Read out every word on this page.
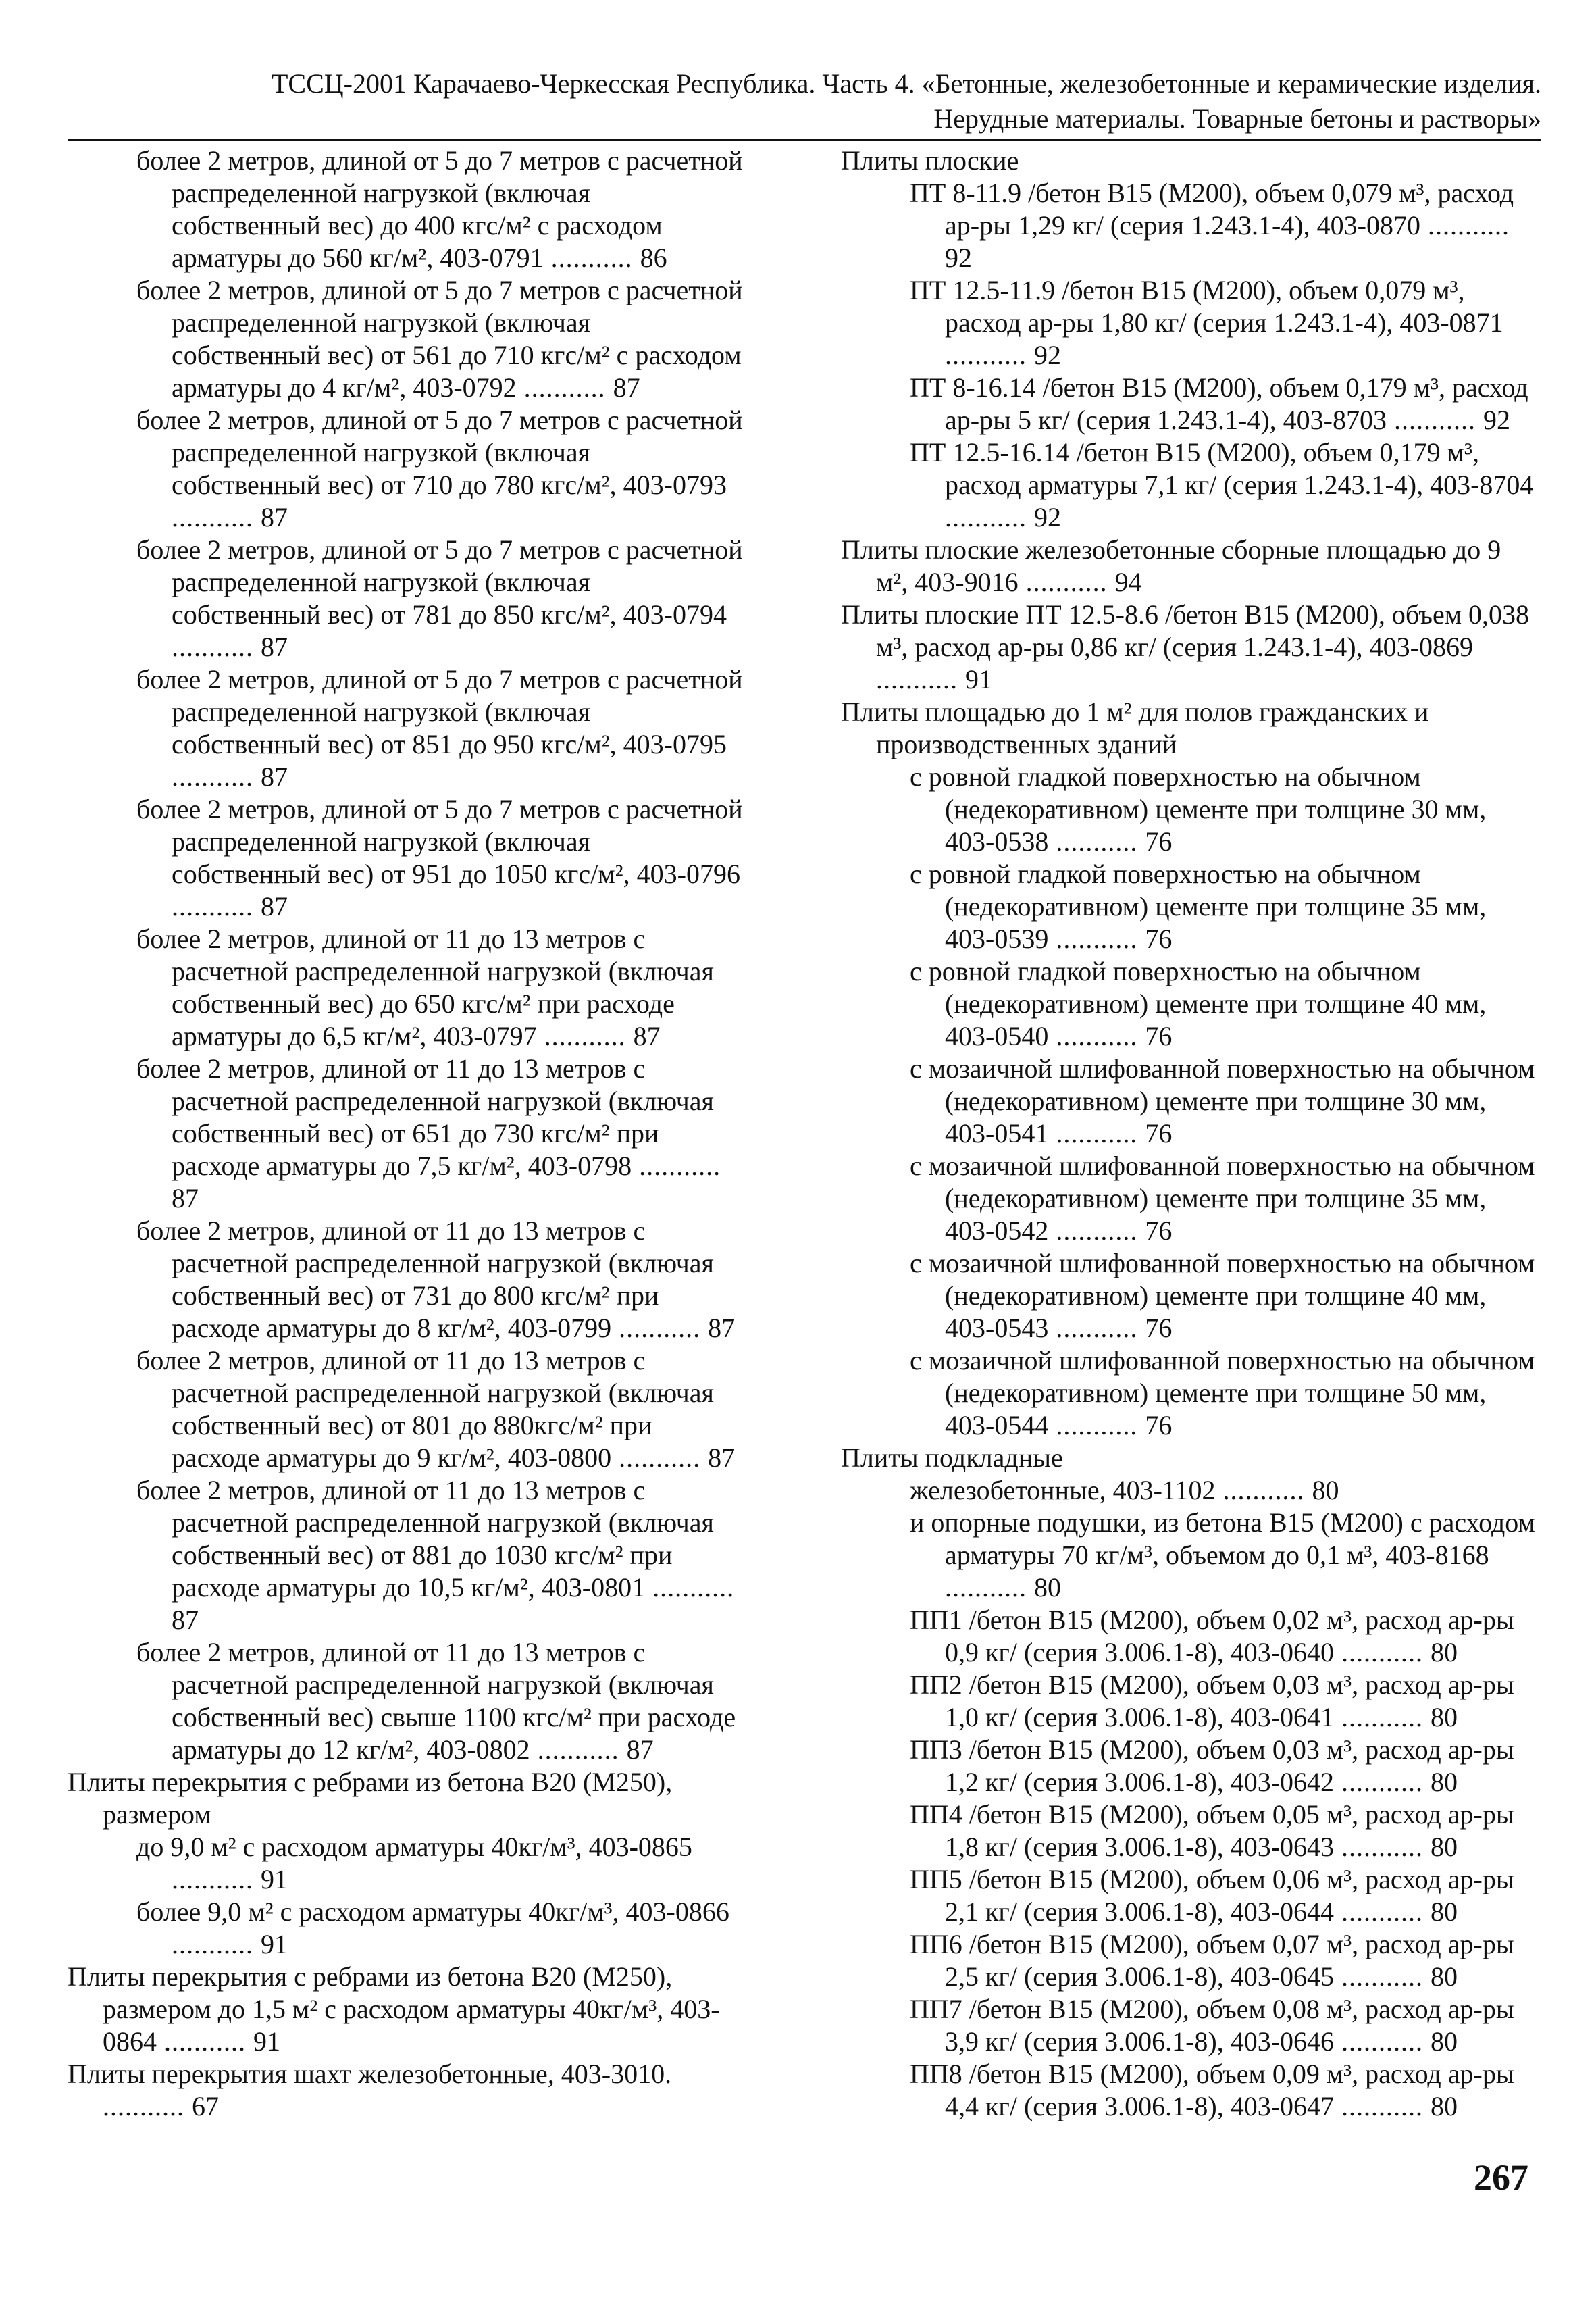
ТССЦ-2001 Карачаево-Черкесская Республика. Часть 4. «Бетонные, железобетонные и керамические изделия.
Нерудные материалы. Товарные бетоны и растворы»

более 2 метров, длиной от 5 до 7 метров с расчетной распределенной нагрузкой (включая собственный вес) до 400 кгс/м² с расходом арматуры до 560 кг/м², 403-0791 ........... 86

более 2 метров, длиной от 5 до 7 метров с расчетной распределенной нагрузкой (включая собственный вес) от 561 до 710 кгс/м² с расходом арматуры до 4 кг/м², 403-0792 ........... 87

более 2 метров, длиной от 5 до 7 метров с расчетной распределенной нагрузкой (включая собственный вес) от 710 до 780 кгс/м², 403-0793 ........... 87

более 2 метров, длиной от 5 до 7 метров с расчетной распределенной нагрузкой (включая собственный вес) от 781 до 850 кгс/м², 403-0794 ........... 87

более 2 метров, длиной от 5 до 7 метров с расчетной распределенной нагрузкой (включая собственный вес) от 851 до 950 кгс/м², 403-0795 ........... 87

более 2 метров, длиной от 5 до 7 метров с расчетной распределенной нагрузкой (включая собственный вес) от 951 до 1050 кгс/м², 403-0796 ........... 87

более 2 метров, длиной от 11 до 13 метров с расчетной распределенной нагрузкой (включая собственный вес) до 650 кгс/м² при расходе арматуры до 6,5 кг/м², 403-0797 ........... 87

более 2 метров, длиной от 11 до 13 метров с расчетной распределенной нагрузкой (включая собственный вес) от 651 до 730 кгс/м² при расходе арматуры до 7,5 кг/м², 403-0798 ........... 87

более 2 метров, длиной от 11 до 13 метров с расчетной распределенной нагрузкой (включая собственный вес) от 731 до 800 кгс/м² при расходе арматуры до 8 кг/м², 403-0799 ........... 87

более 2 метров, длиной от 11 до 13 метров с расчетной распределенной нагрузкой (включая собственный вес) от 801 до 880кгс/м² при расходе арматуры до 9 кг/м², 403-0800 ........... 87

более 2 метров, длиной от 11 до 13 метров с расчетной распределенной нагрузкой (включая собственный вес) от 881 до 1030 кгс/м² при расходе арматуры до 10,5 кг/м², 403-0801 ........... 87

более 2 метров, длиной от 11 до 13 метров с расчетной распределенной нагрузкой (включая собственный вес) свыше 1100 кгс/м² при расходе арматуры до 12 кг/м², 403-0802 ........... 87

Плиты перекрытия с ребрами из бетона В20 (М250), размером

до 9,0 м² с расходом арматуры 40кг/м³, 403-0865 ........... 91

более 9,0 м² с расходом арматуры 40кг/м³, 403-0866 ........... 91

Плиты перекрытия с ребрами из бетона В20 (М250), размером до 1,5 м² с расходом арматуры 40кг/м³, 403-0864 ........... 91

Плиты перекрытия шахт железобетонные, 403-3010. ........... 67

Плиты плоские

ПТ 8-11.9 /бетон В15 (М200), объем 0,079 м³, расход ар-ры 1,29 кг/ (серия 1.243.1-4), 403-0870 ........... 92

ПТ 12.5-11.9 /бетон В15 (М200), объем 0,079 м³, расход ар-ры 1,80 кг/ (серия 1.243.1-4), 403-0871 ........... 92

ПТ 8-16.14 /бетон В15 (М200), объем 0,179 м³, расход ар-ры 5 кг/ (серия 1.243.1-4), 403-8703 ........... 92

ПТ 12.5-16.14 /бетон В15 (М200), объем 0,179 м³, расход арматуры 7,1 кг/ (серия 1.243.1-4), 403-8704 ........... 92

Плиты плоские железобетонные сборные площадью до 9 м², 403-9016 ........... 94

Плиты плоские ПТ 12.5-8.6 /бетон В15 (М200), объем 0,038 м³, расход ар-ры 0,86 кг/ (серия 1.243.1-4), 403-0869 ........... 91

Плиты площадью до 1 м² для полов гражданских и производственных зданий

с ровной гладкой поверхностью на обычном (недекоративном) цементе при толщине 30 мм, 403-0538 ........... 76

с ровной гладкой поверхностью на обычном (недекоративном) цементе при толщине 35 мм, 403-0539 ........... 76

с ровной гладкой поверхностью на обычном (недекоративном) цементе при толщине 40 мм, 403-0540 ........... 76

с мозаичной шлифованной поверхностью на обычном (недекоративном) цементе при толщине 30 мм, 403-0541 ........... 76

с мозаичной шлифованной поверхностью на обычном (недекоративном) цементе при толщине 35 мм, 403-0542 ........... 76

с мозаичной шлифованной поверхностью на обычном (недекоративном) цементе при толщине 40 мм, 403-0543 ........... 76

с мозаичной шлифованной поверхностью на обычном (недекоративном) цементе при толщине 50 мм, 403-0544 ........... 76

Плиты подкладные

железобетонные, 403-1102 ........... 80

и опорные подушки, из бетона В15 (М200) с расходом арматуры 70 кг/м³, объемом до 0,1 м³, 403-8168 ........... 80

ПП1 /бетон В15 (М200), объем 0,02 м³, расход ар-ры 0,9 кг/ (серия 3.006.1-8), 403-0640 ........... 80

ПП2 /бетон В15 (М200), объем 0,03 м³, расход ар-ры 1,0 кг/ (серия 3.006.1-8), 403-0641 ........... 80

ПП3 /бетон В15 (М200), объем 0,03 м³, расход ар-ры 1,2 кг/ (серия 3.006.1-8), 403-0642 ........... 80

ПП4 /бетон В15 (М200), объем 0,05 м³, расход ар-ры 1,8 кг/ (серия 3.006.1-8), 403-0643 ........... 80

ПП5 /бетон В15 (М200), объем 0,06 м³, расход ар-ры 2,1 кг/ (серия 3.006.1-8), 403-0644 ........... 80

ПП6 /бетон В15 (М200), объем 0,07 м³, расход ар-ры 2,5 кг/ (серия 3.006.1-8), 403-0645 ........... 80

ПП7 /бетон В15 (М200), объем 0,08 м³, расход ар-ры 3,9 кг/ (серия 3.006.1-8), 403-0646 ........... 80

ПП8 /бетон В15 (М200), объем 0,09 м³, расход ар-ры 4,4 кг/ (серия 3.006.1-8), 403-0647 ........... 80

267
